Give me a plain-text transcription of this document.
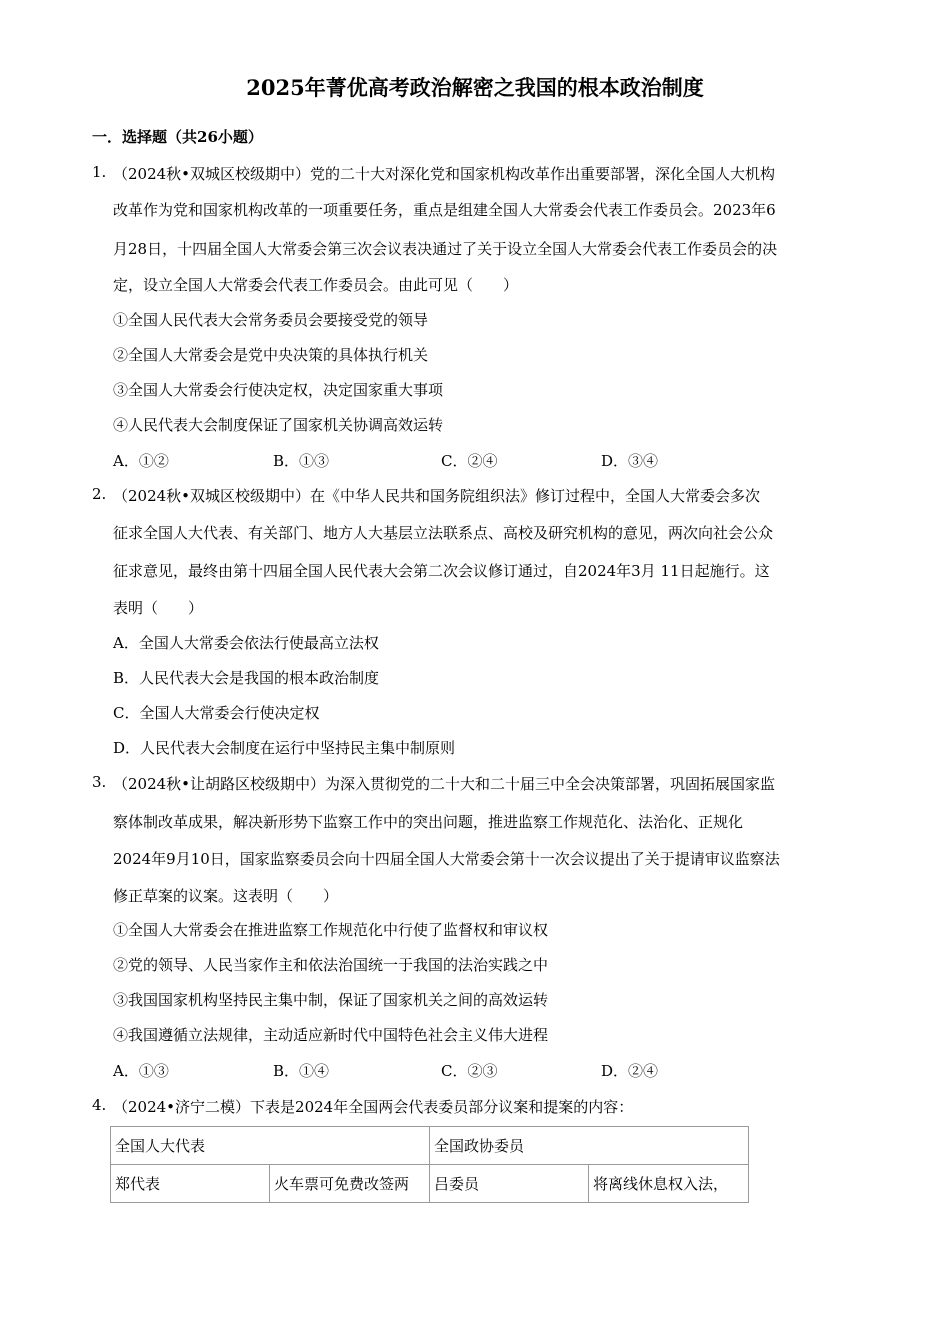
2025年菁优高考政治解密之我国的根本政治制度
一．选择题（共26小题）
1. （2024秋•双城区校级期中）党的二十大对深化党和国家机构改革作出重要部署，深化全国人大机构
改革作为党和国家机构改革的一项重要任务，重点是组建全国人大常委会代表工作委员会。2023年6
月28日，十四届全国人大常委会第三次会议表决通过了关于设立全国人大常委会代表工作委员会的决
定，设立全国人大常委会代表工作委员会。由此可见（　　）
①全国人民代表大会常务委员会要接受党的领导
②全国人大常委会是党中央决策的具体执行机关
③全国人大常委会行使决定权，决定国家重大事项
④人民代表大会制度保证了国家机关协调高效运转
A．①②	B．①③	C．②④	D．③④
2. （2024秋•双城区校级期中）在《中华人民共和国务院组织法》修订过程中，全国人大常委会多次
征求全国人大代表、有关部门、地方人大基层立法联系点、高校及研究机构的意见，两次向社会公众
征求意见，最终由第十四届全国人民代表大会第二次会议修订通过，自2024年3月 11日起施行。这
表明（　　）
A．全国人大常委会依法行使最高立法权
B．人民代表大会是我国的根本政治制度
C．全国人大常委会行使决定权
D．人民代表大会制度在运行中坚持民主集中制原则
3. （2024秋•让胡路区校级期中）为深入贯彻党的二十大和二十届三中全会决策部署，巩固拓展国家监
察体制改革成果，解决新形势下监察工作中的突出问题，推进监察工作规范化、法治化、正规化
2024年9月10日，国家监察委员会向十四届全国人大常委会第十一次会议提出了关于提请审议监察法
修正草案的议案。这表明（　　）
①全国人大常委会在推进监察工作规范化中行使了监督权和审议权
②党的领导、人民当家作主和依法治国统一于我国的法治实践之中
③我国国家机构坚持民主集中制，保证了国家机关之间的高效运转
④我国遵循立法规律，主动适应新时代中国特色社会主义伟大进程
A．①③	B．①④	C．②③	D．②④
4. （2024•济宁二模）下表是2024年全国两会代表委员部分议案和提案的内容：
全国人大代表		全国政协委员	
郑代表	火车票可免费改签两	吕委员	将离线休息权入法，
